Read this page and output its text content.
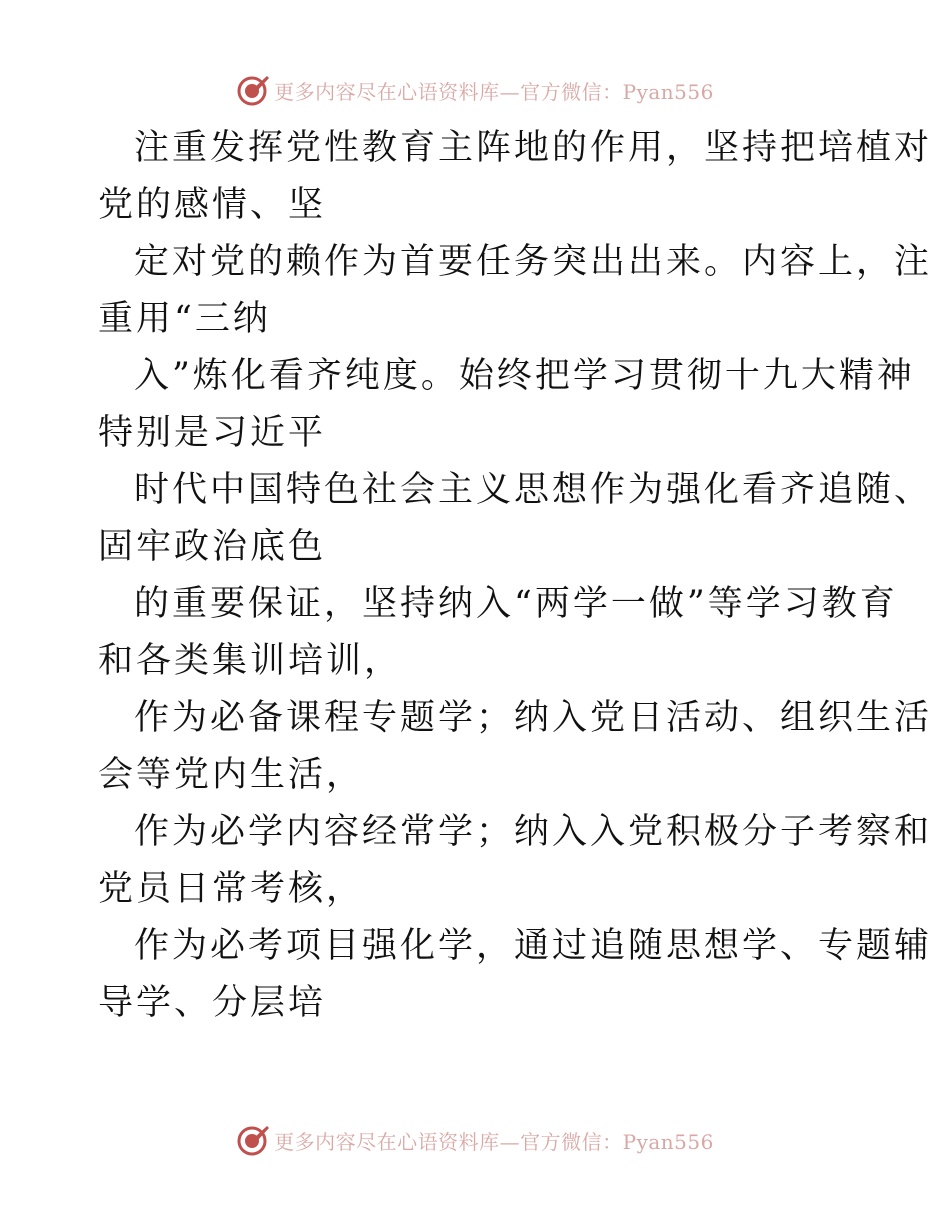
更多内容尽在心语资料库—官方微信：Pyan556
注重发挥党性教育主阵地的作用，坚持把培植对
党的感情、坚
定对党的赖作为首要任务突出出来。内容上，注
重用“三纳
入”炼化看齐纯度。始终把学习贯彻十九大精神
特别是习近平
时代中国特色社会主义思想作为强化看齐追随、
固牢政治底色
的重要保证，坚持纳入“两学一做”等学习教育
和各类集训培训，
作为必备课程专题学；纳入党日活动、组织生活
会等党内生活，
作为必学内容经常学；纳入入党积极分子考察和
党员日常考核，
作为必考项目强化学，通过追随思想学、专题辅
导学、分层培
更多内容尽在心语资料库—官方微信：Pyan556
